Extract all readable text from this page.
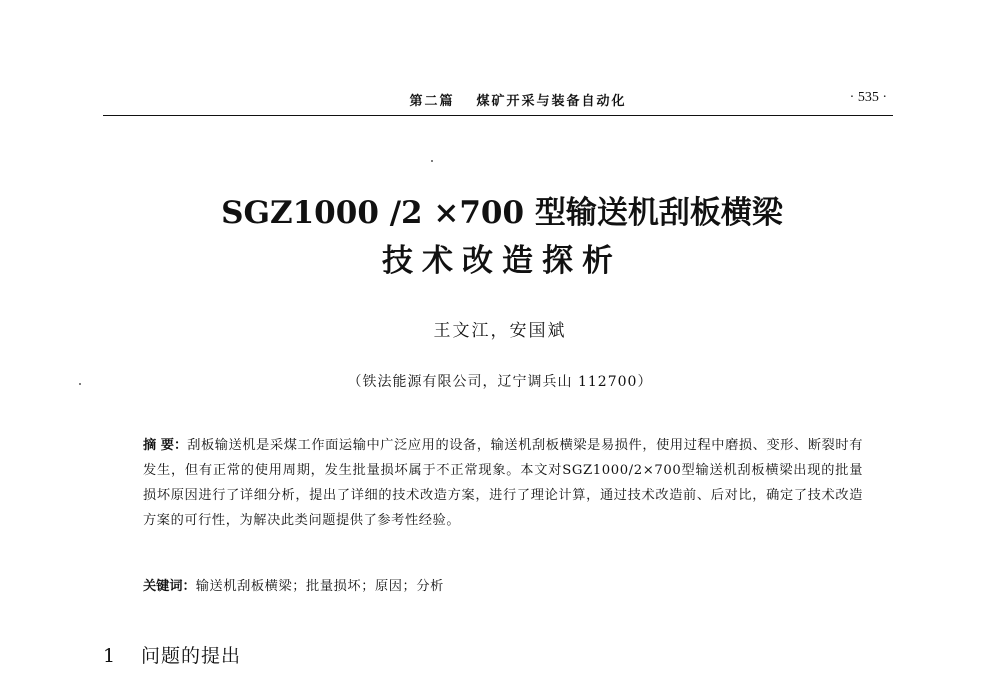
第二篇 煤矿开采与装备自动化	· 535 ·
SGZ1000 /2 ×700 型输送机刮板横梁
技术改造探析
王文江，安国斌
（铁法能源有限公司，辽宁调兵山 112700）
摘 要：刮板输送机是采煤工作面运输中广泛应用的设备，输送机刮板横梁是易损件，使用过程中磨损、变形、断裂时有发生，但有正常的使用周期，发生批量损坏属于不正常现象。本文对SGZ1000/2×700型输送机刮板横梁出现的批量损坏原因进行了详细分析，提出了详细的技术改造方案，进行了理论计算，通过技术改造前、后对比，确定了技术改造方案的可行性，为解决此类问题提供了参考性经验。
关键词：输送机刮板横梁；批量损坏；原因；分析
1 问题的提出
